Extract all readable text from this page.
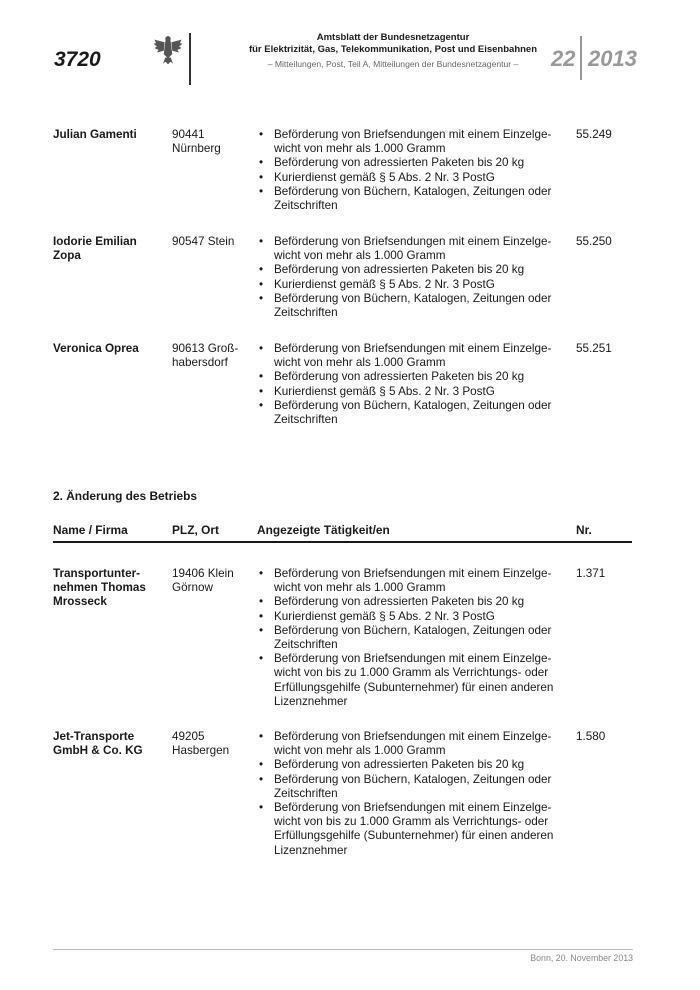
3720
Amtsblatt der Bundesnetzagentur
für Elektrizität, Gas, Telekommunikation, Post und Eisenbahnen
– Mitteilungen, Post, Teil A, Mitteilungen der Bundesnetzagentur –	22 2013
Julian Gamenti	90441
Nürnberg
• Beförderung von Briefsendungen mit einem Einzelge-
wicht von mehr als 1.000 Gramm
• Beförderung von adressierten Paketen bis 20 kg
• Kurierdienst gemäß § 5 Abs. 2 Nr. 3 PostG
• Beförderung von Büchern, Katalogen, Zeitungen oder
Zeitschriften
55.249
Iodorie Emilian
Zopa
90547 Stein
•	Beförderung von Briefsendungen mit einem Einzelge-
wicht von mehr als 1.000 Gramm
• Beförderung von adressierten Paketen bis 20 kg
• Kurierdienst gemäß § 5 Abs. 2 Nr. 3 PostG
• Beförderung von Büchern, Katalogen, Zeitungen oder
Zeitschriften
55.250
Veronica Oprea	90613 Groß-
habersdorf
• Beförderung von Briefsendungen mit einem Einzelge-
wicht von mehr als 1.000 Gramm
• Beförderung von adressierten Paketen bis 20 kg
• Kurierdienst gemäß § 5 Abs. 2 Nr. 3 PostG
• Beförderung von Büchern, Katalogen, Zeitungen oder
Zeitschriften
55.251
2. Änderung des Betriebs
Name / Firma	PLZ, Ort	Angezeigte Tätigkeit/en	Nr.
Transportunter-
nehmen Thomas
Mrosseck
19406 Klein
Görnow
• Beförderung von Briefsendungen mit einem Einzelge-
wicht von mehr als 1.000 Gramm
• Beförderung von adressierten Paketen bis 20 kg
• Kurierdienst gemäß § 5 Abs. 2 Nr. 3 PostG
• Beförderung von Büchern, Katalogen, Zeitungen oder
Zeitschriften
• Beförderung von Briefsendungen mit einem Einzelge-
wicht von bis zu 1.000 Gramm als Verrichtungs- oder
Erfüllungsgehilfe (Subunternehmer) für einen anderen
Lizenznehmer
1.371
Jet-Transporte
GmbH & Co. KG
49205
Hasbergen
• Beförderung von Briefsendungen mit einem Einzelge-
wicht von mehr als 1.000 Gramm
• Beförderung von adressierten Paketen bis 20 kg
• Beförderung von Büchern, Katalogen, Zeitungen oder
Zeitschriften
• Beförderung von Briefsendungen mit einem Einzelge-
wicht von bis zu 1.000 Gramm als Verrichtungs- oder
Erfüllungsgehilfe (Subunternehmer) für einen anderen
Lizenznehmer
1.580
Bonn, 20. November 2013
